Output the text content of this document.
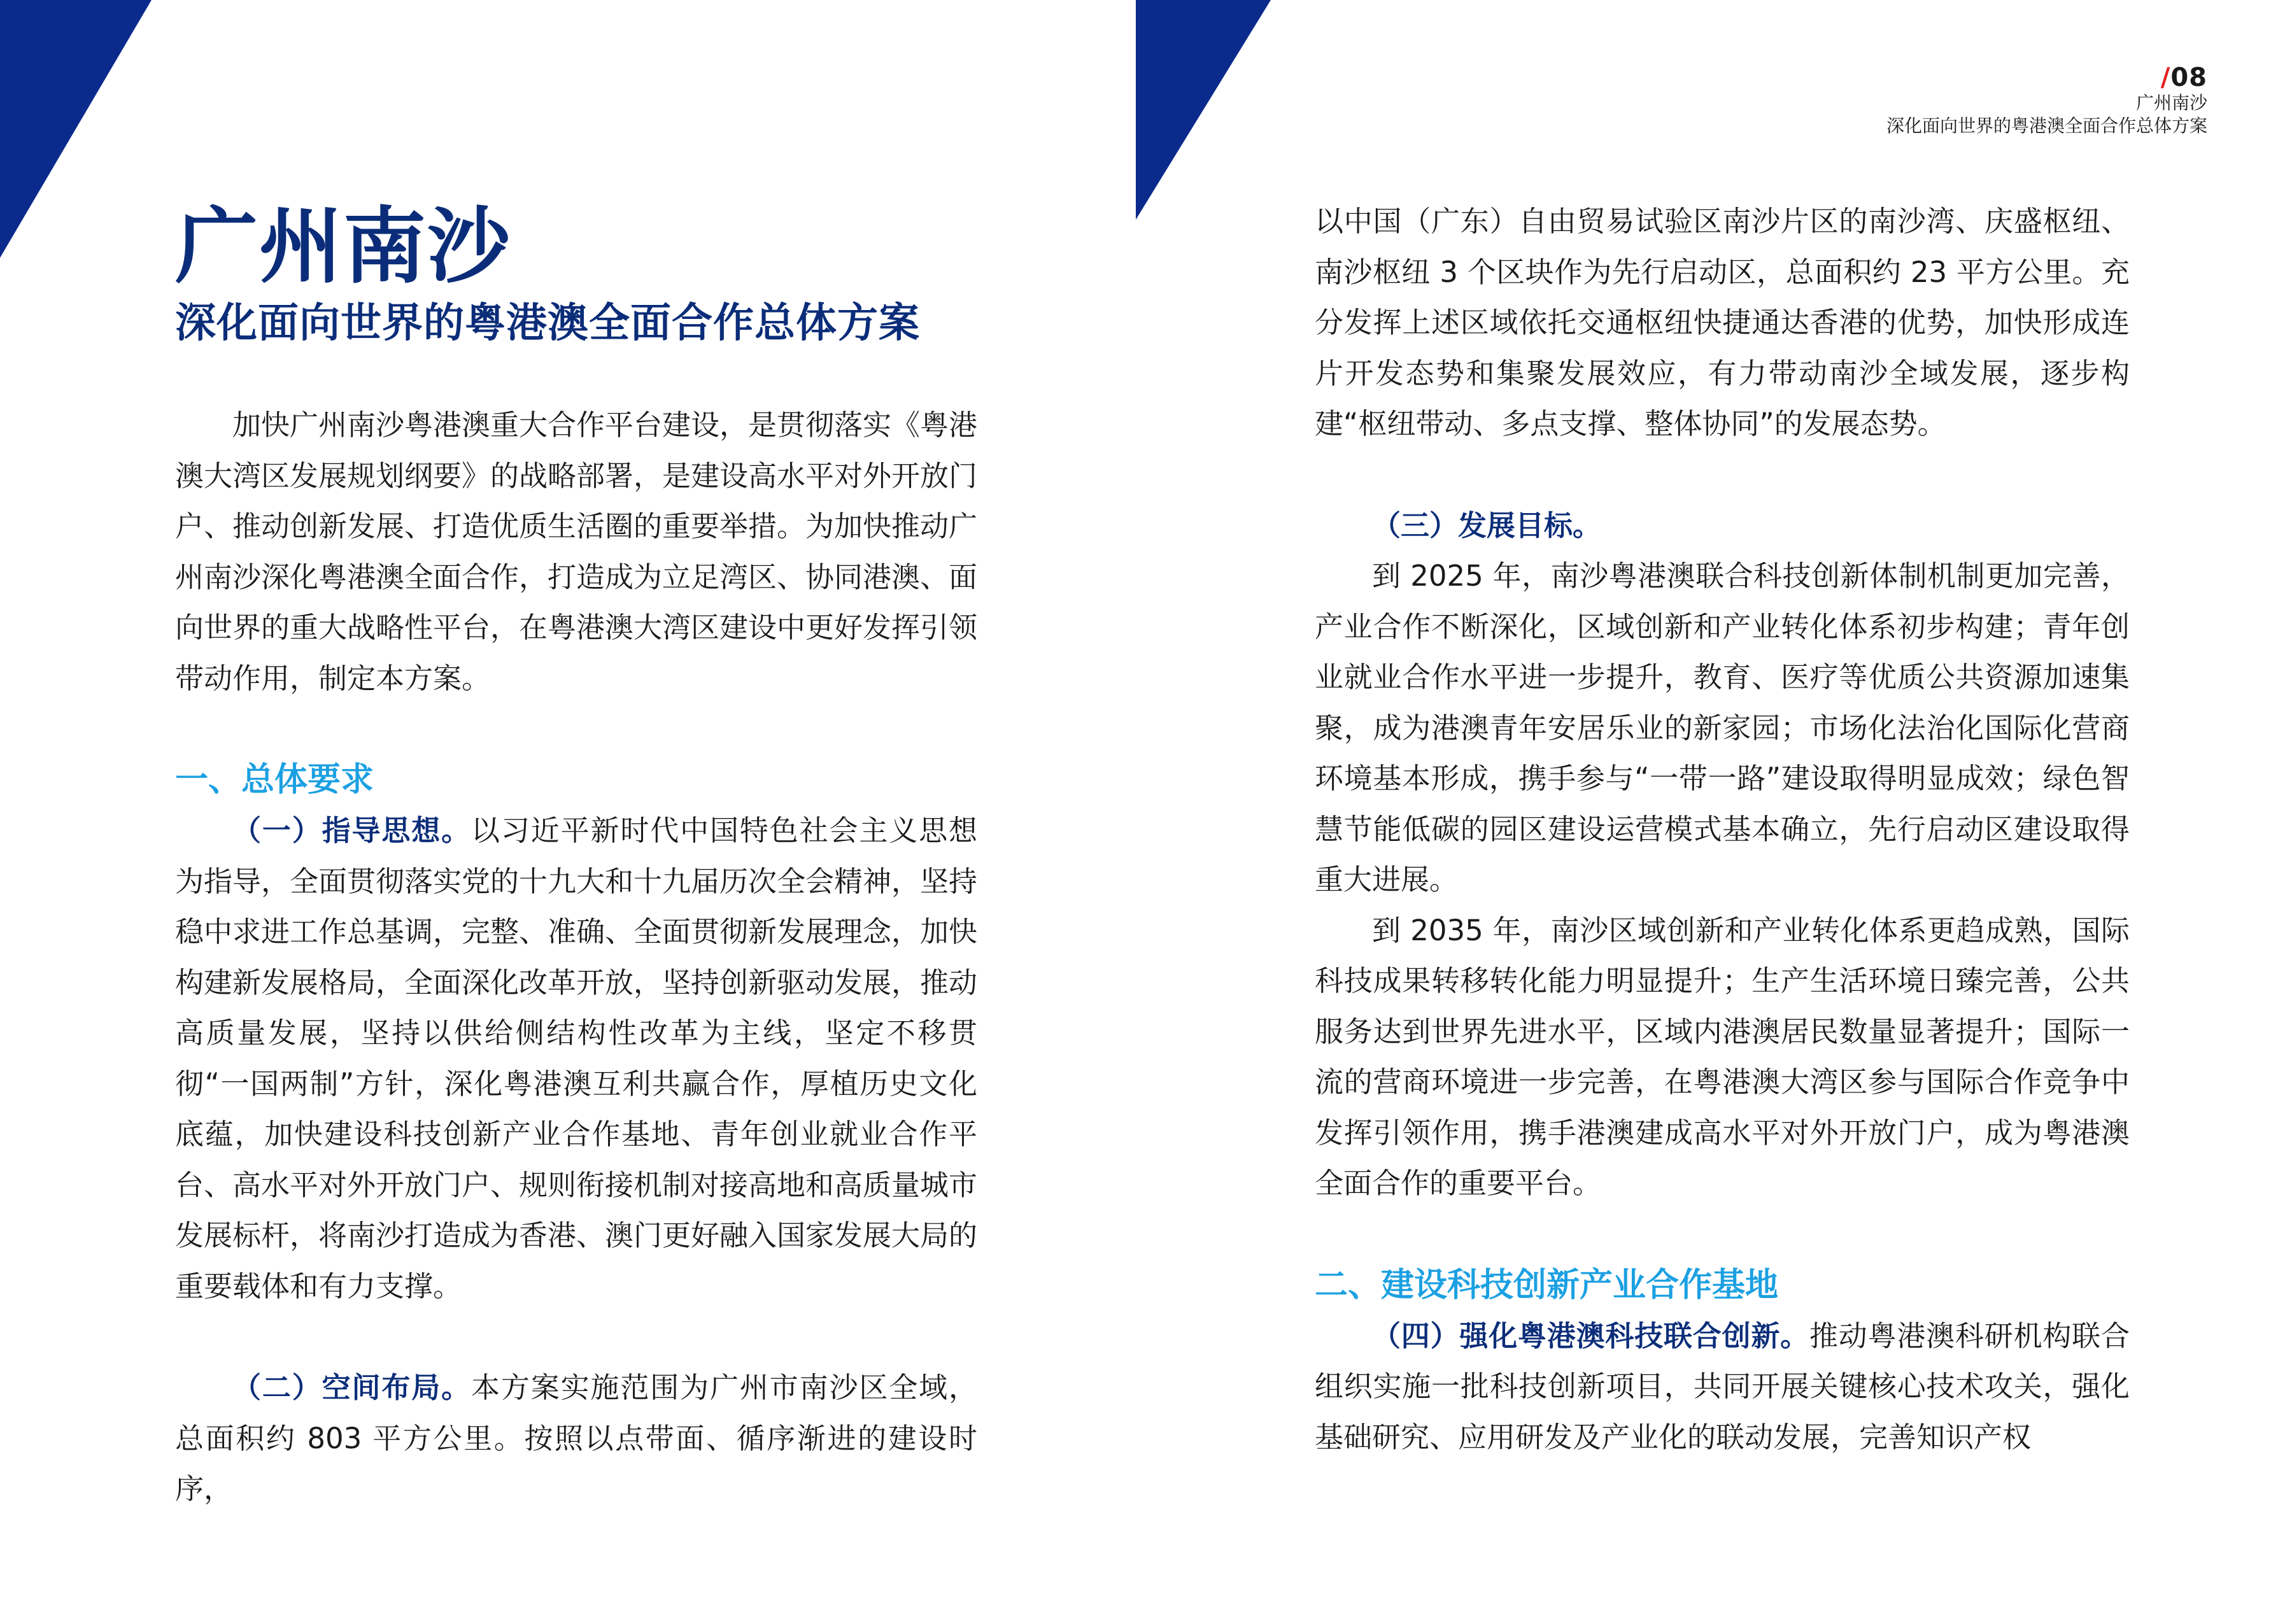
/08
广州南沙
深化面向世界的粤港澳全面合作总体方案
广州南沙
深化面向世界的粤港澳全面合作总体方案

加快广州南沙粤港澳重大合作平台建设，是贯彻落实《粤港澳大湾区发展规划纲要》的战略部署，是建设高水平对外开放门户、推动创新发展、打造优质生活圈的重要举措。为加快推动广州南沙深化粤港澳全面合作，打造成为立足湾区、协同港澳、面向世界的重大战略性平台，在粤港澳大湾区建设中更好发挥引领带动作用，制定本方案。

一、总体要求

（一）指导思想。以习近平新时代中国特色社会主义思想为指导，全面贯彻落实党的十九大和十九届历次全会精神，坚持稳中求进工作总基调，完整、准确、全面贯彻新发展理念，加快构建新发展格局，全面深化改革开放，坚持创新驱动发展，推动高质量发展，坚持以供给侧结构性改革为主线，坚定不移贯彻“一国两制”方针，深化粤港澳互利共赢合作，厚植历史文化底蕴，加快建设科技创新产业合作基地、青年创业就业合作平台、高水平对外开放门户、规则衔接机制对接高地和高质量城市发展标杆，将南沙打造成为香港、澳门更好融入国家发展大局的重要载体和有力支撑。

（二）空间布局。本方案实施范围为广州市南沙区全域，总面积约 803 平方公里。按照以点带面、循序渐进的建设时序，

以中国（广东）自由贸易试验区南沙片区的南沙湾、庆盛枢纽、南沙枢纽 3 个区块作为先行启动区，总面积约 23 平方公里。充分发挥上述区域依托交通枢纽快捷通达香港的优势，加快形成连片开发态势和集聚发展效应，有力带动南沙全域发展，逐步构建“枢纽带动、多点支撑、整体协同”的发展态势。

（三）发展目标。

到 2025 年，南沙粤港澳联合科技创新体制机制更加完善，产业合作不断深化，区域创新和产业转化体系初步构建；青年创业就业合作水平进一步提升，教育、医疗等优质公共资源加速集聚，成为港澳青年安居乐业的新家园；市场化法治化国际化营商环境基本形成，携手参与“一带一路”建设取得明显成效；绿色智慧节能低碳的园区建设运营模式基本确立，先行启动区建设取得重大进展。

到 2035 年，南沙区域创新和产业转化体系更趋成熟，国际科技成果转移转化能力明显提升；生产生活环境日臻完善，公共服务达到世界先进水平，区域内港澳居民数量显著提升；国际一流的营商环境进一步完善，在粤港澳大湾区参与国际合作竞争中发挥引领作用，携手港澳建成高水平对外开放门户，成为粤港澳全面合作的重要平台。

二、建设科技创新产业合作基地

（四）强化粤港澳科技联合创新。推动粤港澳科研机构联合组织实施一批科技创新项目，共同开展关键核心技术攻关，强化基础研究、应用研发及产业化的联动发展，完善知识产权
